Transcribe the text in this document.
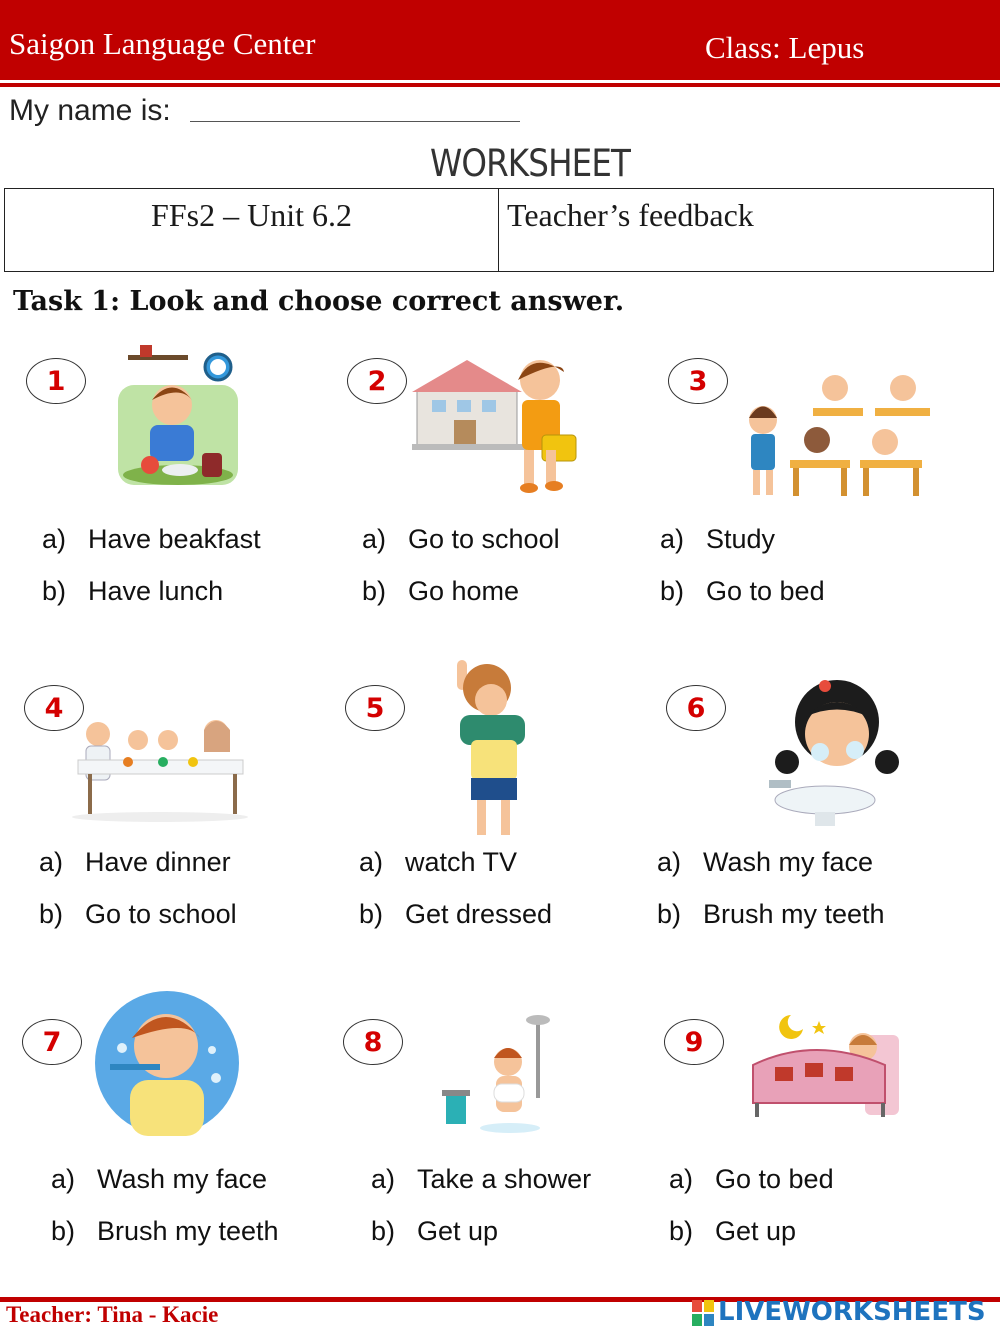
Saigon Language Center	Class: Lepus
My name is:
WORKSHEET
FFs2 – Unit 6.2	Teacher’s feedback
Task 1: Look and choose correct answer.
1
a) Have beakfast
b) Have lunch
2
a) Go to school
b) Go home
3
a) Study
b) Go to bed
4
a) Have dinner
b) Go to school
5
a) watch TV
b) Get dressed
6
a) Wash my face
b) Brush my teeth
7
a) Wash my face
b) Brush my teeth
8
a) Take a shower
b) Get up
9
a) Go to bed
b) Get up
Teacher: Tina - Kacie	LIVEWORKSHEETS
